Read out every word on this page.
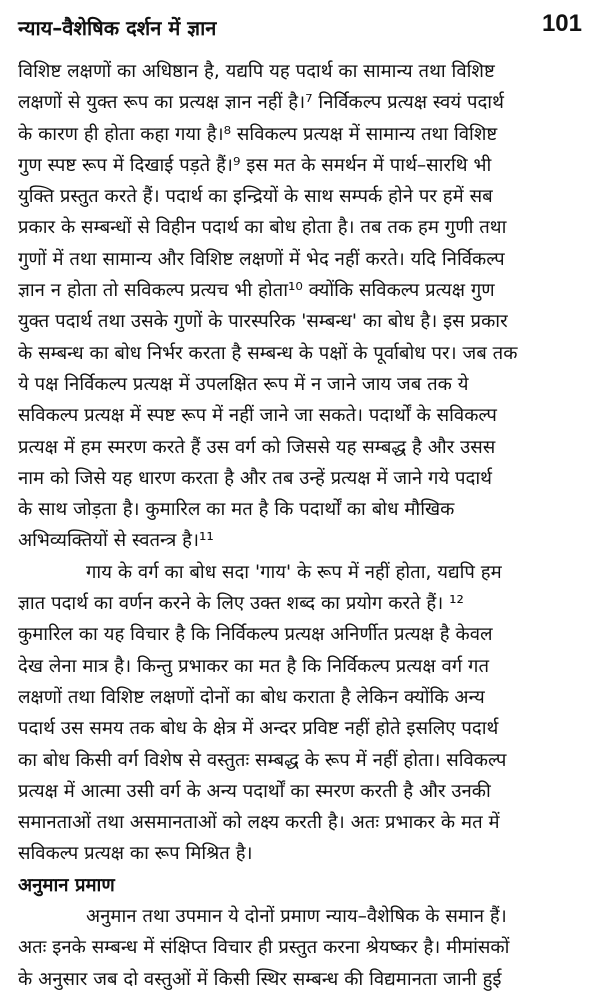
न्याय–वैशेषिक दर्शन में ज्ञान	101
विशिष्ट लक्षणों का अधिष्ठान है, यद्यपि यह पदार्थ का सामान्य तथा विशिष्ट
लक्षणों से युक्त रूप का प्रत्यक्ष ज्ञान नहीं है।⁷ निर्विकल्प प्रत्यक्ष स्वयं पदार्थ
के कारण ही होता कहा गया है।⁸ सविकल्प प्रत्यक्ष में सामान्य तथा विशिष्ट
गुण स्पष्ट रूप में दिखाई पड़ते हैं।⁹ इस मत के समर्थन में पार्थ–सारथि भी
युक्ति प्रस्तुत करते हैं। पदार्थ का इन्द्रियों के साथ सम्पर्क होने पर हमें सब
प्रकार के सम्बन्धों से विहीन पदार्थ का बोध होता है। तब तक हम गुणी तथा
गुणों में तथा सामान्य और विशिष्ट लक्षणों में भेद नहीं करते। यदि निर्विकल्प
ज्ञान न होता तो सविकल्प प्रत्यच भी होता¹⁰ क्योंकि सविकल्प प्रत्यक्ष गुण
युक्त पदार्थ तथा उसके गुणों के पारस्परिक 'सम्बन्ध' का बोध है। इस प्रकार
के सम्बन्ध का बोध निर्भर करता है सम्बन्ध के पक्षों के पूर्वाबोध पर। जब तक
ये पक्ष निर्विकल्प प्रत्यक्ष में उपलक्षित रूप में न जाने जाय जब तक ये
सविकल्प प्रत्यक्ष में स्पष्ट रूप में नहीं जाने जा सकते। पदार्थों के सविकल्प
प्रत्यक्ष में हम स्मरण करते हैं उस वर्ग को जिससे यह सम्बद्ध है और उसस
नाम को जिसे यह धारण करता है और तब उन्हें प्रत्यक्ष में जाने गये पदार्थ
के साथ जोड़ता है। कुमारिल का मत है कि पदार्थों का बोध मौखिक
अभिव्यक्तियों से स्वतन्त्र है।¹¹
गाय के वर्ग का बोध सदा 'गाय' के रूप में नहीं होता, यद्यपि हम
ज्ञात पदार्थ का वर्णन करने के लिए उक्त शब्द का प्रयोग करते हैं। ¹²
कुमारिल का यह विचार है कि निर्विकल्प प्रत्यक्ष अनिर्णीत प्रत्यक्ष है केवल
देख लेना मात्र है। किन्तु प्रभाकर का मत है कि निर्विकल्प प्रत्यक्ष वर्ग गत
लक्षणों तथा विशिष्ट लक्षणों दोनों का बोध कराता है लेकिन क्योंकि अन्य
पदार्थ उस समय तक बोध के क्षेत्र में अन्दर प्रविष्ट नहीं होते इसलिए पदार्थ
का बोध किसी वर्ग विशेष से वस्तुतः सम्बद्ध के रूप में नहीं होता। सविकल्प
प्रत्यक्ष में आत्मा उसी वर्ग के अन्य पदार्थों का स्मरण करती है और उनकी
समानताओं तथा असमानताओं को लक्ष्य करती है। अतः प्रभाकर के मत में
सविकल्प प्रत्यक्ष का रूप मिश्रित है।
अनुमान प्रमाण
अनुमान तथा उपमान ये दोनों प्रमाण न्याय–वैशेषिक के समान हैं।
अतः इनके सम्बन्ध में संक्षिप्त विचार ही प्रस्तुत करना श्रेयष्कर है। मीमांसकों
के अनुसार जब दो वस्तुओं में किसी स्थिर सम्बन्ध की विद्यमानता जानी हुई
